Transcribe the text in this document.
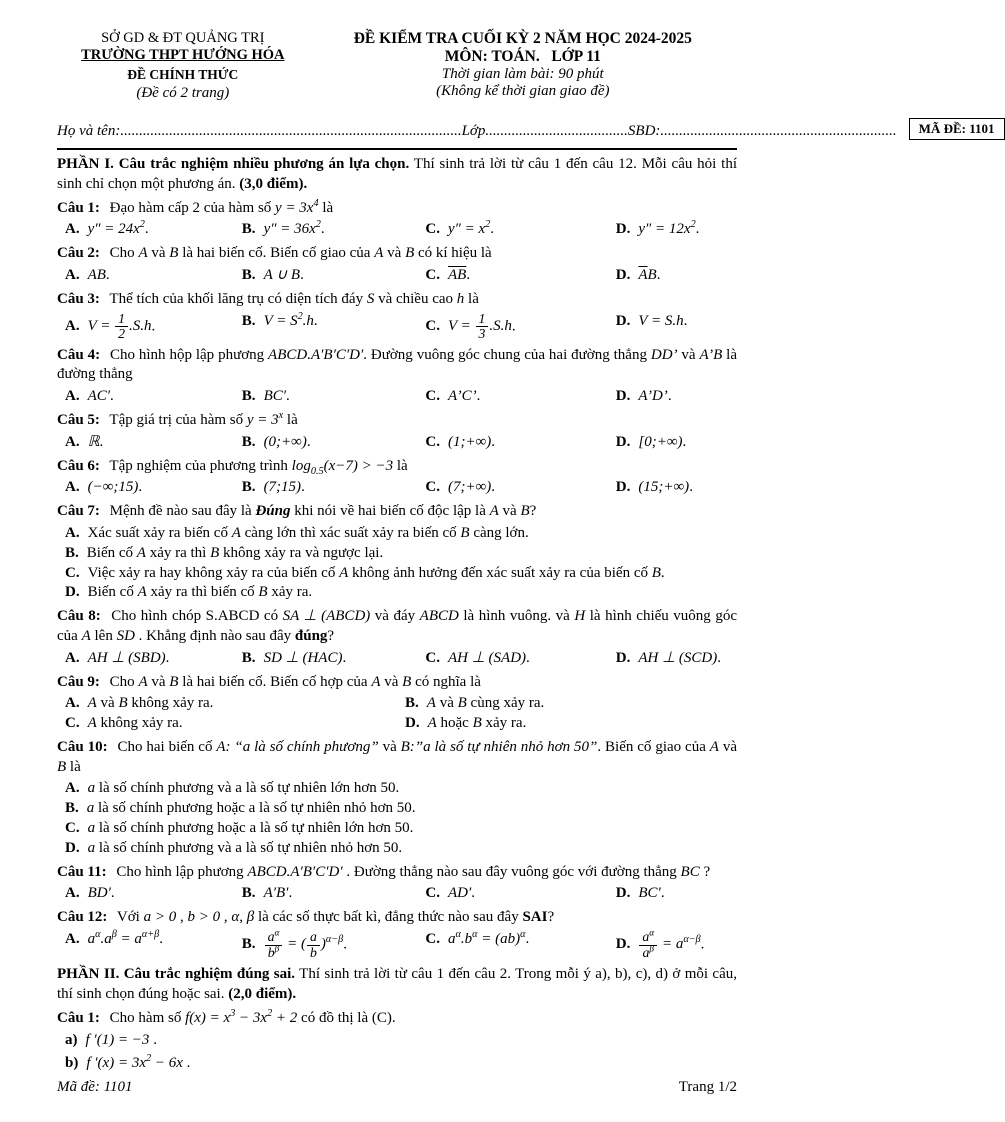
SỞ GD & ĐT QUẢNG TRỊ
TRƯỜNG THPT HƯỚNG HÓA
ĐỀ CHÍNH THỨC
(Đề có 2 trang)
ĐỀ KIỂM TRA CUỐI KỲ 2 NĂM HỌC 2024-2025
MÔN: TOÁN.   LỚP 11
Thời gian làm bài: 90 phút
(Không kể thời gian giao đề)
Họ và tên:........................................................................................... Lớp...................................... SBD:...............................................................	MÃ ĐỀ: 1101

PHẦN I. Câu trắc nghiệm nhiều phương án lựa chọn. Thí sinh trả lời từ câu 1 đến câu 12. Mỗi câu hỏi thí sinh chỉ chọn một phương án. (3,0 điểm).

Câu 1: Đạo hàm cấp 2 của hàm số $y = 3x^4$ là

A. $y'' = 24x^2$.	B. $y'' = 36x^2$.	C. $y'' = x^2$.	D. $y'' = 12x^2$.

Câu 2: Cho A và B là hai biến cố. Biến cố giao của A và B có kí hiệu là

A. AB.	B. A ∪ B.	C. $\overline{AB}$.	D. $\overline{A}B$.

Câu 3: Thể tích của khối lăng trụ có diện tích đáy S và chiều cao h là

A. $V = \frac{1}{2} .S.h$.	B. $V = S^2.h$.	C. $V = \frac{1}{3} .S.h$.	D. V = S.h.

Câu 4: Cho hình hộp lập phương ABCD.A′B′C′D′. Đường vuông góc chung của hai đường thẳng DD’ và A’B là đường thẳng

A. AC′.	B. BC′.	C. A’C’.	D. A’D’.

Câu 5: Tập giá trị của hàm số $y = 3^x$ là

A. ℝ.	B. (0;+∞).	C. (1;+∞).	D. [0;+∞).

Câu 6: Tập nghiệm của phương trình $\log_{0.5}(x-7) > -3$ là

A. (−∞;15).	B. (7;15).	C. (7;+∞).	D. (15;+∞).

Câu 7: Mệnh đề nào sau đây là Đúng khi nói về hai biến cố độc lập là A và B?

A. Xác suất xảy ra biến cố A càng lớn thì xác suất xảy ra biến cố B càng lớn.
B. Biến cố A xảy ra thì B không xảy ra và ngược lại.
C. Việc xảy ra hay không xảy ra của biến cố A không ảnh hưởng đến xác suất xảy ra của biến cố B.
D. Biến cố A xảy ra thì biến cố B xảy ra.

Câu 8: Cho hình chóp S.ABCD có SA ⊥ (ABCD) và đáy ABCD là hình vuông. và H là hình chiếu vuông góc của A lên SD . Khẳng định nào sau đây đúng?

A. AH ⊥ (SBD).	B. SD ⊥ (HAC).	C. AH ⊥ (SAD).	D. AH ⊥ (SCD).

Câu 9: Cho A và B là hai biến cố. Biến cố hợp của A và B có nghĩa là

A. A và B không xảy ra.	B. A và B cùng xảy ra.
C. A không xảy ra.	D. A hoặc B xảy ra.

Câu 10: Cho hai biến cố A: “a là số chính phương” và B:”a là số tự nhiên nhỏ hơn 50”. Biến cố giao của A và B là

A. a là số chính phương và a là số tự nhiên lớn hơn 50.
B. a là số chính phương hoặc a là số tự nhiên nhỏ hơn 50.
C. a là số chính phương hoặc a là số tự nhiên lớn hơn 50.
D. a là số chính phương và a là số tự nhiên nhỏ hơn 50.

Câu 11: Cho hình lập phương ABCD.A′B′C′D′ . Đường thẳng nào sau đây vuông góc với đường thẳng BC ?

A. BD′.	B. A′B′.	C. AD′.	D. BC′.

Câu 12: Với a > 0 , b > 0 , α, β là các số thực bất kì, đẳng thức nào sau đây SAI?

A. $a^\alpha.a^\beta = a^{\alpha+\beta}$.	B. $\frac{a^\alpha}{b^\beta}$ = ( $\frac{a}{b} )^{\alpha-\beta}$.	C. $a^\alpha.b^\alpha = (ab)^\alpha$.	D. $\frac{a^\alpha}{a^\beta} = a^{\alpha-\beta}$.

PHẦN II. Câu trắc nghiệm đúng sai. Thí sinh trả lời từ câu 1 đến câu 2. Trong mỗi ý a), b), c), d) ở mỗi câu, thí sinh chọn đúng hoặc sai. (2,0 điểm).

Câu 1: Cho hàm số $f(x) = x^3 - 3x^2 + 2$ có đồ thị là (C).

a) f ′(1) = −3 .

b) f $'(x) = 3x^2 - 6x$ .

Mã đề: 1101	Trang 1/2
